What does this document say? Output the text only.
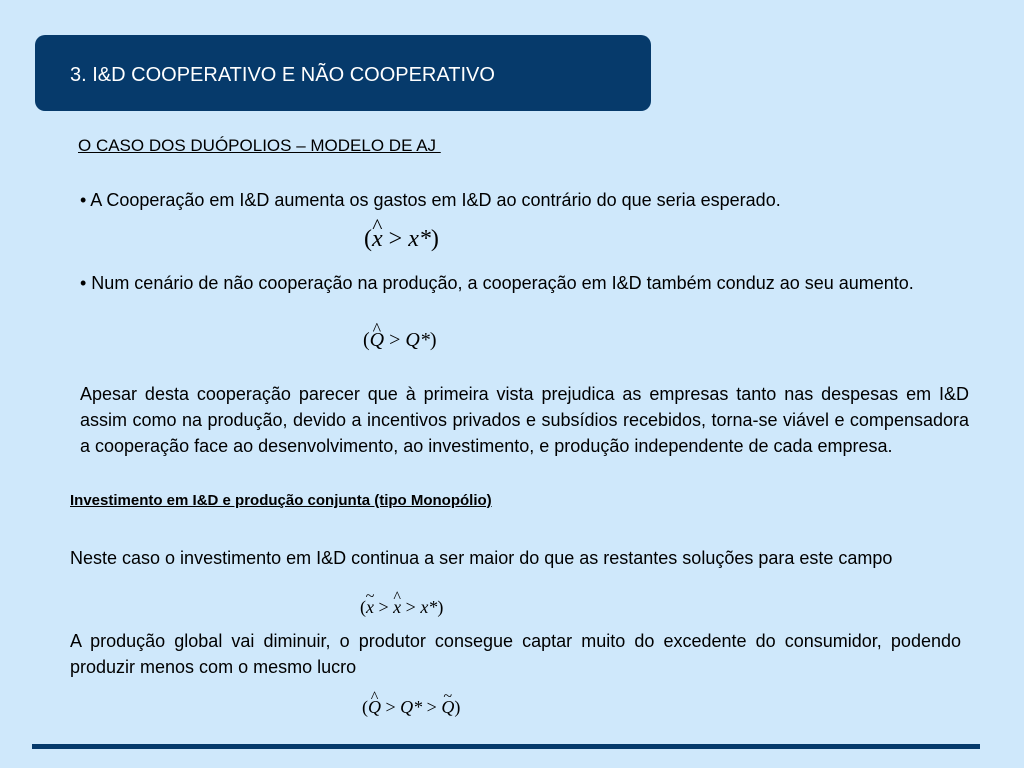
3. I&D COOPERATIVO E NÃO COOPERATIVO
O CASO DOS DUÓPOLIOS – MODELO DE AJ

• A Cooperação em I&D aumenta os gastos em I&D ao contrário do que seria esperado.

(^ x > x*)

• Num cenário de não cooperação na produção, a cooperação em I&D também conduz ao seu aumento.

(^ Q > Q*)

Apesar desta cooperação parecer que à primeira vista prejudica as empresas tanto nas despesas em I&D assim como na produção, devido a incentivos privados e subsídios recebidos, torna-se viável e compensadora a cooperação face ao desenvolvimento, ao investimento, e produção independente de cada empresa.

Investimento em I&D e produção conjunta (tipo Monopólio)

Neste caso o investimento em I&D continua a ser maior do que as restantes soluções para este campo

(~ x > ^ x > x*)

A produção global vai diminuir, o produtor consegue captar muito do excedente do consumidor, podendo produzir menos com o mesmo lucro

(^ Q > Q* > ~ Q)
